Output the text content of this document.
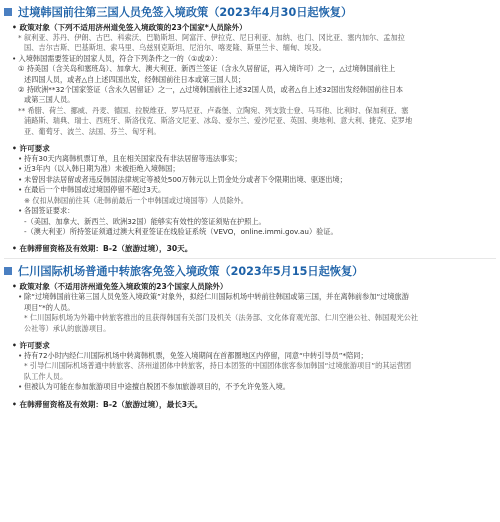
过境韩国前往第三国人员免签入境政策（2023年4月30日起恢复）
• 政策对象（下列不适用济州道免签入境政策的23个国家*人员除外）
* 叙利亚、苏丹、伊朗、古巴、科索沃、巴勒斯坦、阿富汗、伊拉克、尼日利亚、加纳、也门、冈比亚、塞内加尔、孟加拉
国、吉尔吉斯、巴基斯坦、索马里、乌兹别克斯坦、尼泊尔、喀麦隆、斯里兰卡、缅甸、埃及。
• 入境韩国需要签证的国家人员，符合下列条件之一的（①或②）：
① 持美国（含关岛和塞班岛）、加拿大、澳大利亚、新西兰签证（含永久居留证，再入境许可）之一，△过境韩国前往上
述四国人员，或者△自上述四国出发，经韩国前往日本或第三国人员；
② 持欧洲**32个国家签证（含永久居留证）之一，△过境韩国前往上述32国人员，或者△自上述32国出发经韩国前往日本
或第三国人员。
** 希腊、荷兰、挪威、丹麦、德国、拉脱维亚、罗马尼亚、卢森堡、立陶宛、列支敦士登、马耳他、比利时、保加利亚、塞
浦路斯、瑞典、瑞士、西班牙、斯洛伐克、斯洛文尼亚、冰岛、爱尔兰、爱沙尼亚、英国、奥地利、意大利、捷克、克罗地
亚、葡萄牙、波兰、法国、芬兰、匈牙利。
• 许可要求
• 持有30天内离韩机票订单，且在相关国家没有非法居留等违法事实；
• 近3年内（以入韩日期为准）未被拒绝入境韩国；
• 未曾因非法居留或者违反韩国法律规定等被处500万韩元以上罚金处分或者下令限期出境、驱逐出境；
• 在最后一个申韩国或过境国停留不超过3天。
※ 仅扣从韩国前往其（赴韩前最后一个申韩国或过境国等）人员除外。
• 各国签证要求：
-（美国、加拿大、新西兰、欧洲32国）能够实有效性的签证须贴在护照上。
-（澳大利亚）所持签证须通过澳大利亚签证在线验证系统（VEVO，online.immi.gov.au）验证。
• 在韩滞留资格及有效期：B-2（旅游过境），30天。
仁川国际机场普通中转旅客免签入境政策（2023年5月15日起恢复）
• 政策对象（不适用济州道免签入境政策的23个国家人员除外）
• 除“过境韩国前往第三国人员免签入境政策”对象外，拟经仁川国际机场中转前往韩国或第三国，并在离韩前参加“过境旅游
项目”*的人员。
* 仁川国际机场为外籍中转旅客推出的且获得韩国有关部门及机关（法务部、文化体育观光部、仁川空港公社、韩国观光公社
公社等）承认的旅游项目。
• 许可要求
• 持有72小时内经仁川国际机场中转离韩机票，免签入境期间在首都圈地区内停留，同意“中转引导员”*陪同；
* 引导仁川国际机场普通中转旅客、济州道团体中转旅客，持日本团签的中国团体旅客参加韩国“过境旅游项目”的其运营团
队工作人员。
• 但被认为可能在参加旅游项目中途擅自脱团不参加旅游项目的，不予允许免签入境。
• 在韩滞留资格及有效期：B-2（旅游过境），最长3天。
